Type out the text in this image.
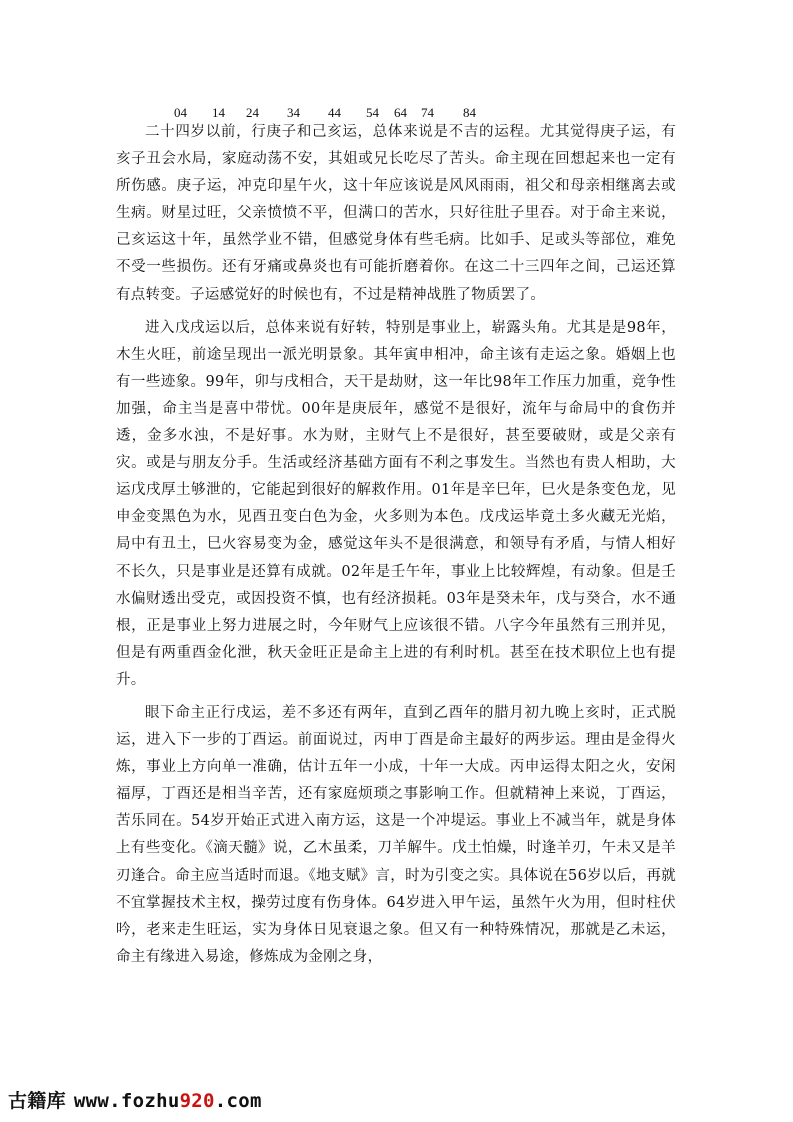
04 14 24 34 44 54 64 74 84

二十四岁以前，行庚子和己亥运，总体来说是不吉的运程。尤其觉得庚子运，有亥子丑会水局，家庭动荡不安，其姐或兄长吃尽了苦头。命主现在回想起来也一定有所伤感。庚子运，冲克印星午火，这十年应该说是风风雨雨，祖父和母亲相继离去或生病。财星过旺，父亲愤愤不平，但满口的苦水，只好往肚子里吞。对于命主来说，己亥运这十年，虽然学业不错，但感觉身体有些毛病。比如手、足或头等部位，难免不受一些损伤。还有牙痛或鼻炎也有可能折磨着你。在这二十三四年之间，己运还算有点转变。子运感觉好的时候也有，不过是精神战胜了物质罢了。

进入戊戌运以后，总体来说有好转，特别是事业上，崭露头角。尤其是是98年，木生火旺，前途呈现出一派光明景象。其年寅申相冲，命主该有走运之象。婚姻上也有一些迹象。99年，卯与戌相合，天干是劫财，这一年比98年工作压力加重，竞争性加强，命主当是喜中带忧。00年是庚辰年，感觉不是很好，流年与命局中的食伤并透，金多水浊，不是好事。水为财，主财气上不是很好，甚至要破财，或是父亲有灾。或是与朋友分手。生活或经济基础方面有不利之事发生。当然也有贵人相助，大运戊戌厚土够泄的，它能起到很好的解救作用。01年是辛巳年，巳火是条变色龙，见申金变黑色为水，见酉丑变白色为金，火多则为本色。戊戌运毕竟土多火藏无光焰，局中有丑土，巳火容易变为金，感觉这年头不是很满意，和领导有矛盾，与情人相好不长久，只是事业是还算有成就。02年是壬午年，事业上比较辉煌，有动象。但是壬水偏财透出受克，或因投资不慎，也有经济损耗。03年是癸未年，戊与癸合，水不通根，正是事业上努力进展之时，今年财气上应该很不错。八字今年虽然有三刑并见，但是有两重酉金化泄，秋天金旺正是命主上进的有利时机。甚至在技术职位上也有提升。

眼下命主正行戌运，差不多还有两年，直到乙酉年的腊月初九晚上亥时，正式脱运，进入下一步的丁酉运。前面说过，丙申丁酉是命主最好的两步运。理由是金得火炼，事业上方向单一准确，估计五年一小成，十年一大成。丙申运得太阳之火，安闲福厚，丁酉还是相当辛苦，还有家庭烦琐之事影响工作。但就精神上来说，丁酉运，苦乐同在。54岁开始正式进入南方运，这是一个冲堤运。事业上不减当年，就是身体上有些变化。《滴天髓》说，乙木虽柔，刀羊解牛。戊土怕燥，时逢羊刃，午未又是羊刃逢合。命主应当适时而退。《地支赋》言，时为引变之实。具体说在56岁以后，再就不宜掌握技术主权，操劳过度有伤身体。64岁进入甲午运，虽然午火为用，但时柱伏吟，老来走生旺运，实为身体日见衰退之象。但又有一种特殊情况，那就是乙未运，命主有缘进入易途，修炼成为金刚之身，

古籍库 www.fozhu920.com
